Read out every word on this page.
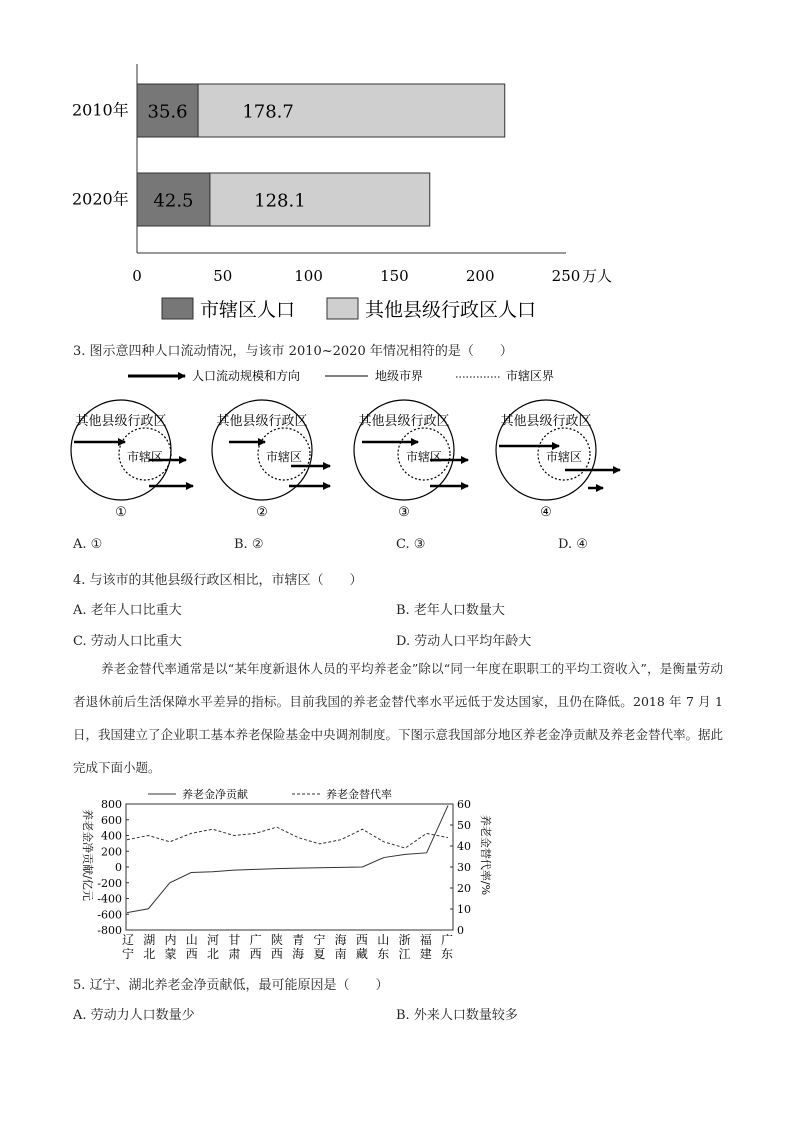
0	50	100	150	200	250 万人
2010年 35.6	178.7
2020年 42.5	128.1
市辖区人口	其他县级行政区人口
3. 图示意四种人口流动情况，与该市 2010~2020 年情况相符的是（　　）
人口流动规模和方向	地级市界	市辖区界
其他县级行政区
市辖区
①
其他县级行政区
市辖区
②
其他县级行政区
市辖区
③
其他县级行政区
市辖区
④
A. ①	B. ②	C. ③	D. ④
4. 与该市的其他县级行政区相比，市辖区（　　）
A. 老年人口比重大	B. 老年人口数量大
C. 劳动人口比重大	D. 劳动人口平均年龄大
养老金替代率通常是以“某年度新退休人员的平均养老金”除以“同一年度在职职工的平均工资收入”，是衡量劳动者退休前后生活保障水平差异的指标。目前我国的养老金替代率水平远低于发达国家，且仍在降低。2018 年 7 月 1 日，我国建立了企业职工基本养老保险基金中央调剂制度。下图示意我国部分地区养老金净贡献及养老金替代率。据此完成下面小题。
800
600
400
200
0
-200
-400
-600
-800
60
50
40
30
20
10
0
养老金净贡献	养老金替代率
辽
宁
湖
北
内
蒙
山
西
河
北
甘
肃
广
西
陕
西
青
海
宁
夏
海
南
西
藏
山
东
浙
江
福
建
广
东
养老金净贡献/亿元	养老金替代率/%
5. 辽宁、湖北养老金净贡献低，最可能原因是（　　）
A. 劳动力人口数量少	B. 外来人口数量较多
